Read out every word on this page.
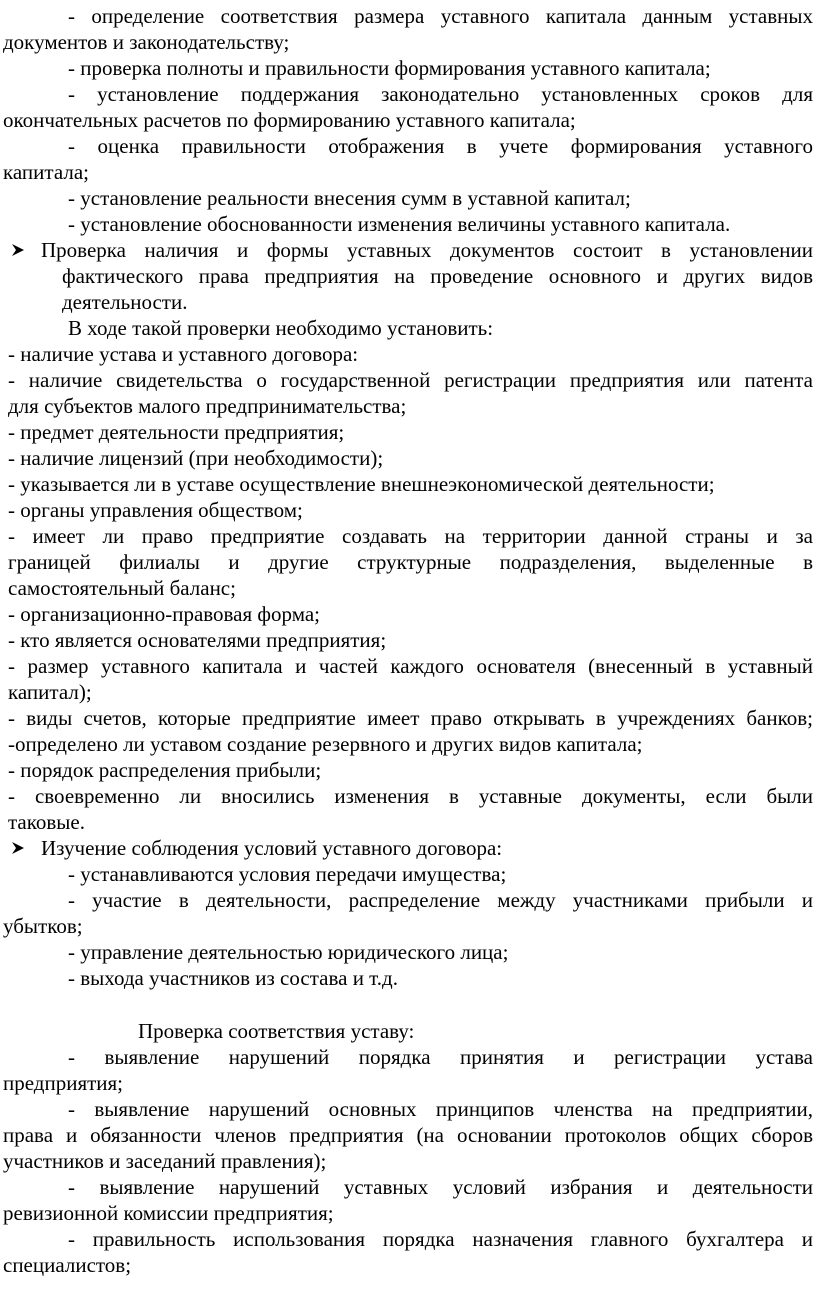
- определение соответствия размера уставного капитала данным уставных
документов и законодательству;
- проверка полноты и правильности формирования уставного капитала;
- установление поддержания законодательно установленных сроков для
окончательных расчетов по формированию уставного капитала;
- оценка правильности отображения в учете формирования уставного
капитала;
- установление реальности внесения сумм в уставной капитал;
- установление обоснованности изменения величины уставного капитала.
Проверка наличия и формы уставных документов состоит в установлении
фактического права предприятия на проведение основного и других видов
деятельности.
В ходе такой проверки необходимо установить:
- наличие устава и уставного договора:
- наличие свидетельства о государственной регистрации предприятия или патента
для субъектов малого предпринимательства;
- предмет деятельности предприятия;
- наличие лицензий (при необходимости);
- указывается ли в уставе осуществление внешнеэкономической деятельности;
- органы управления обществом;
- имеет ли право предприятие создавать на территории данной страны и за
границей филиалы и другие структурные подразделения, выделенные в
самостоятельный баланс;
- организационно-правовая форма;
- кто является основателями предприятия;
- размер уставного капитала и частей каждого основателя (внесенный в уставный
капитал);
- виды счетов, которые предприятие имеет право открывать в учреждениях банков;
-определено ли уставом создание резервного и других видов капитала;
- порядок распределения прибыли;
- своевременно ли вносились изменения в уставные документы, если были
таковые.
Изучение соблюдения условий уставного договора:
- устанавливаются условия передачи имущества;
- участие в деятельности, распределение между участниками прибыли и
убытков;
- управление деятельностью юридического лица;
- выхода участников из состава и т.д.
Проверка соответствия уставу:
- выявление нарушений порядка принятия и регистрации устава
предприятия;
- выявление нарушений основных принципов членства на предприятии,
права и обязанности членов предприятия (на основании протоколов общих сборов
участников и заседаний правления);
- выявление нарушений уставных условий избрания и деятельности
ревизионной комиссии предприятия;
- правильность использования порядка назначения главного бухгалтера и
специалистов;
